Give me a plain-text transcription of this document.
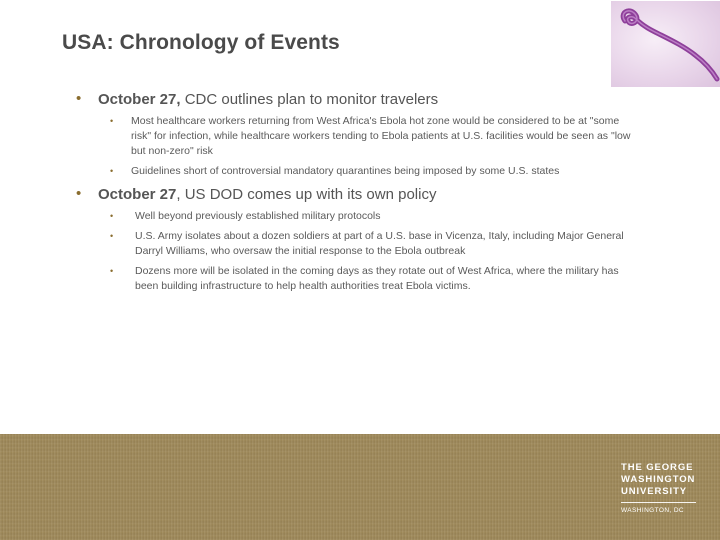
USA: Chronology of Events
• October 27, CDC outlines plan to monitor travelers
• Most healthcare workers returning from West Africa's Ebola hot zone would be considered to be at "some risk" for infection, while healthcare workers tending to Ebola patients at U.S. facilities would be seen as "low but non-zero" risk
• Guidelines short of controversial mandatory quarantines being imposed by some U.S. states
• October 27, US DOD comes up with its own policy
• Well beyond previously established military protocols
• U.S. Army isolates about a dozen soldiers at part of a U.S. base in Vicenza, Italy, including Major General Darryl Williams, who oversaw the initial response to the Ebola outbreak
• Dozens more will be isolated in the coming days as they rotate out of West Africa, where the military has been building infrastructure to help health authorities treat Ebola victims.
THE GEORGE
WASHINGTON
UNIVERSITY
WASHINGTON, DC
